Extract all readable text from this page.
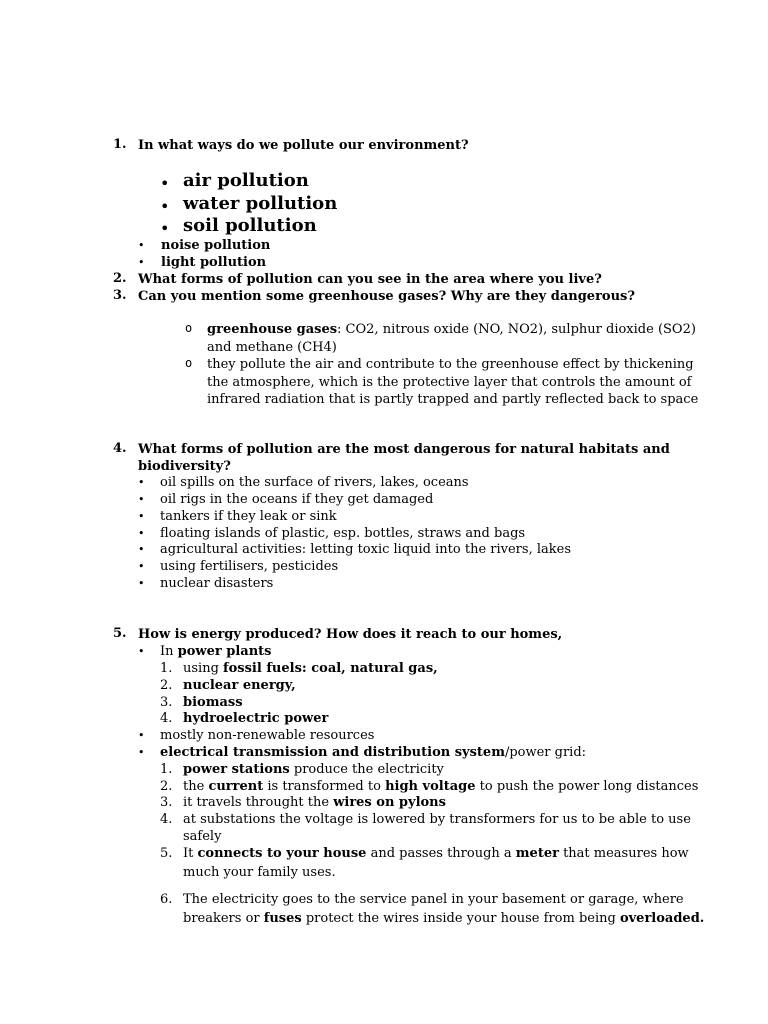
1. In what ways do we pollute our environment?
• air pollution
• water pollution
• soil pollution
• noise pollution
• light pollution
2. What forms of pollution can you see in the area where you live?
3. Can you mention some greenhouse gases? Why are they dangerous?
o greenhouse gases: CO2, nitrous oxide (NO, NO2), sulphur dioxide (SO2)
and methane (CH4)
o they pollute the air and contribute to the greenhouse effect by thickening
the atmosphere, which is the protective layer that controls the amount of
infrared radiation that is partly trapped and partly reflected back to space
4. What forms of pollution are the most dangerous for natural habitats and
biodiversity?
• oil spills on the surface of rivers, lakes, oceans
• oil rigs in the oceans if they get damaged
• tankers if they leak or sink
• floating islands of plastic, esp. bottles, straws and bags
• agricultural activities: letting toxic liquid into the rivers, lakes
• using fertilisers, pesticides
• nuclear disasters
5. How is energy produced? How does it reach to our homes,
• In power plants
1. using fossil fuels: coal, natural gas,
2. nuclear energy,
3. biomass
4. hydroelectric power
• mostly non-renewable resources
• electrical transmission and distribution system/power grid:
1. power stations produce the electricity
2. the current is transformed to high voltage to push the power long distances
3. it travels throught the wires on pylons
4. at substations the voltage is lowered by transformers for us to be able to use
safely
5. It connects to your house and passes through a meter that measures how
much your family uses.
6. The electricity goes to the service panel in your basement or garage, where
breakers or fuses protect the wires inside your house from being overloaded.
